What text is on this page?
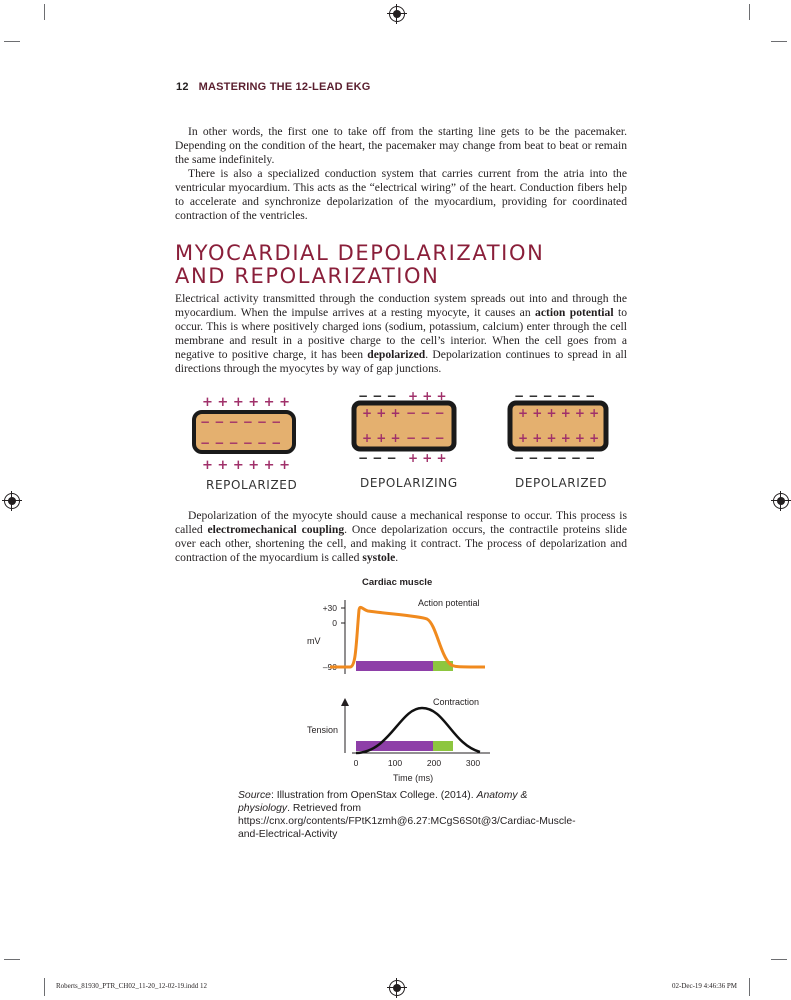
12 MASTERING THE 12-LEAD EKG
In other words, the first one to take off from the starting line gets to be the pacemaker. Depending on the condition of the heart, the pacemaker may change from beat to beat or remain the same indefinitely.
There is also a specialized conduction system that carries current from the atria into the ventricular myocardium. This acts as the “electrical wiring” of the heart. Conduction fibers help to accelerate and synchronize depolarization of the myocardium, providing for coordinated contraction of the ventricles.
MYOCARDIAL DEPOLARIZATION
AND REPOLARIZATION
Electrical activity transmitted through the conduction system spreads out into and through the myocardium. When the impulse arrives at a resting myocyte, it causes an action potential to occur. This is where positively charged ions (sodium, potassium, calcium) enter through the cell membrane and result in a positive charge to the cell’s interior. When the cell goes from a negative to positive charge, it has been depolarized. Depolarization continues to spread in all directions through the myocytes by way of gap junctions.
+ + + + + +
− − − − − −
− − − − − −
+ + + + + +
− − − + + +
+ + + − − −
+ + + − − −
− − − + + +
− − − − − −
+ + + + + +
+ + + + + +
− − − − − −
REPOLARIZED	DEPOLARIZING	DEPOLARIZED
Depolarization of the myocyte should cause a mechanical response to occur. This process is called electromechanical coupling. Once depolarization occurs, the contractile proteins slide over each other, shortening the cell, and making it contract. The process of depolarization and contraction of the myocardium is called systole.
Cardiac muscle
Action potential
+30
0
–90
mV
Contraction
Tension
0	100	200	300
Time (ms)
Source: Illustration from OpenStax College. (2014). Anatomy & physiology. Retrieved from https://cnx.org/contents/FPtK1zmh@6.27:MCgS6S0t@3/Cardiac-Muscle-and-Electrical-Activity
Roberts_81930_PTR_CH02_11-20_12-02-19.indd 12	02-Dec-19 4:46:36 PM
